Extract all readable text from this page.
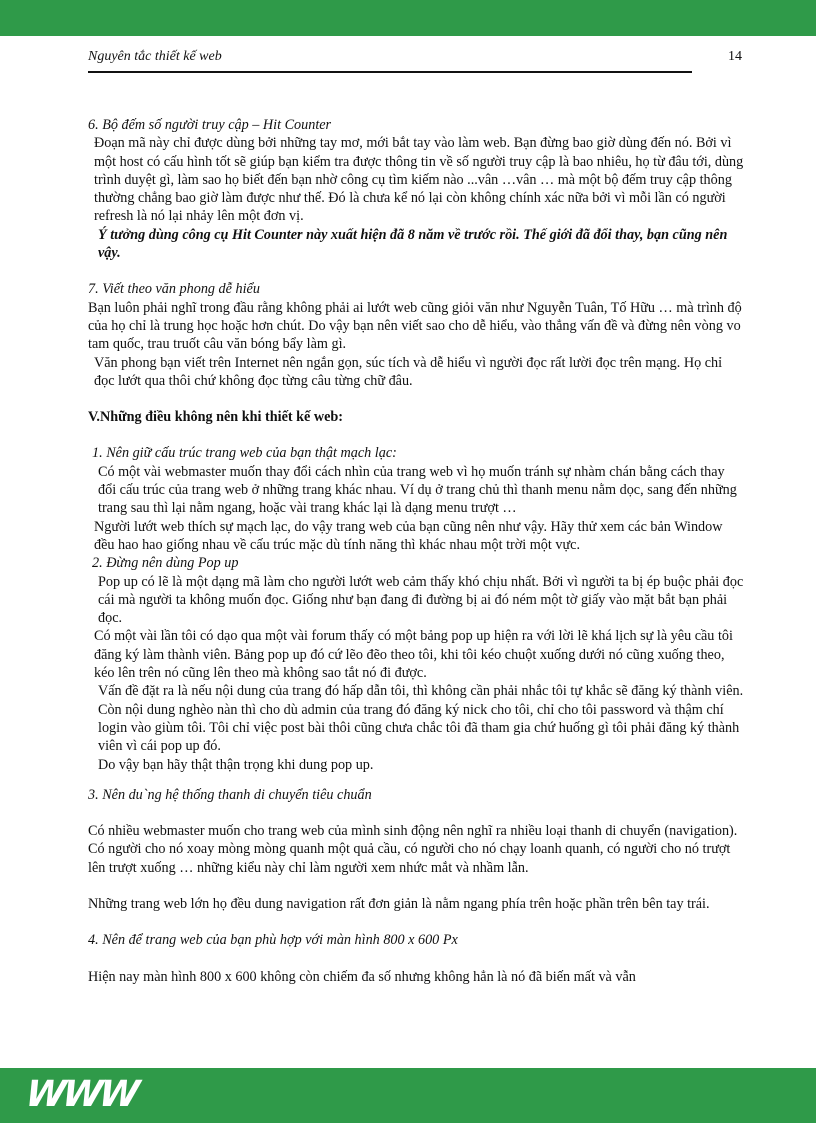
Nguyên tắc thiết kế web	14

6. Bộ đếm số người truy cập – Hit Counter

Đoạn mã này chỉ được dùng bởi những tay mơ, mới bắt tay vào làm web. Bạn đừng bao giờ dùng đến nó. Bởi vì một host có cấu hình tốt sẽ giúp bạn kiểm tra được thông tin về số người truy cập là bao nhiêu, họ từ đâu tới, dùng trình duyệt gì, làm sao họ biết đến bạn nhờ công cụ tìm kiếm nào ...vân …vân … mà một bộ đếm truy cập thông thường chẳng bao giờ làm được như thế. Đó là chưa kể nó lại còn không chính xác nữa bởi vì mỗi lần có người refresh là nó lại nhảy lên một đơn vị.

Ý tưởng dùng công cụ Hit Counter này xuất hiện đã 8 năm về trước rồi. Thế giới đã đổi thay, bạn cũng nên vậy.

7. Viết theo văn phong dễ hiểu

Bạn luôn phải nghĩ trong đầu rằng không phải ai lướt web cũng giỏi văn như Nguyễn Tuân, Tố Hữu … mà trình độ của họ chỉ là trung học hoặc hơn chút. Do vậy bạn nên viết sao cho dễ hiểu, vào thẳng vấn đề và đừng nên vòng vo tam quốc, trau truốt câu văn bóng bẩy làm gì.

Văn phong bạn viết trên Internet nên ngắn gọn, súc tích và dễ hiểu vì người đọc rất lười đọc trên mạng. Họ chỉ đọc lướt qua thôi chứ không đọc từng câu từng chữ đâu.

V.Những điều không nên khi thiết kế web:

1. Nên giữ cấu trúc trang web của bạn thật mạch lạc:

Có một vài webmaster muốn thay đổi cách nhìn của trang web vì họ muốn tránh sự nhàm chán bằng cách thay đổi cấu trúc của trang web ở những trang khác nhau. Ví dụ ở trang chủ thì thanh menu nằm dọc, sang đến những trang sau thì lại nằm ngang, hoặc vài trang khác lại là dạng menu trượt …

Người lướt web thích sự mạch lạc, do vậy trang web của bạn cũng nên như vậy. Hãy thử xem các bản Window đều hao hao giống nhau về cấu trúc mặc dù tính năng thì khác nhau một trời một vực.

2. Đừng nên dùng Pop up

Pop up có lẽ là một dạng mã làm cho người lướt web cảm thấy khó chịu nhất. Bởi vì người ta bị ép buộc phải đọc cái mà người ta không muốn đọc. Giống như bạn đang đi đường bị ai đó ném một tờ giấy vào mặt bắt bạn phải đọc.

Có một vài lần tôi có dạo qua một vài forum thấy có một bảng pop up hiện ra với lời lẽ khá lịch sự là yêu cầu tôi đăng ký làm thành viên. Bảng pop up đó cứ lẽo đẽo theo tôi, khi tôi kéo chuột xuống dưới nó cũng xuống theo, kéo lên trên nó cũng lên theo mà không sao tắt nó đi được.

Vấn đề đặt ra là nếu nội dung của trang đó hấp dẫn tôi, thì không cần phải nhắc tôi tự khắc sẽ đăng ký thành viên. Còn nội dung nghèo nàn thì cho dù admin của trang đó đăng ký nick cho tôi, chỉ cho tôi password và thậm chí login vào giùm tôi. Tôi chỉ việc post bài thôi cũng chưa chắc tôi đã tham gia chứ huống gì tôi phải đăng ký thành viên vì cái pop up đó.

Do vậy bạn hãy thật thận trọng khi dung pop up.

3. Nên du`ng hệ thống thanh di chuyển tiêu chuẩn

Có nhiều webmaster muốn cho trang web của mình sinh động nên nghĩ ra nhiều loại thanh di chuyển (navigation). Có người cho nó xoay mòng mòng quanh một quả cầu, có người cho nó chạy loanh quanh, có người cho nó trượt lên trượt xuống … những kiểu này chỉ làm người xem nhức mắt và nhầm lẫn.

Những trang web lớn họ đều dung navigation rất đơn giản là nằm ngang phía trên hoặc phần trên bên tay trái.

4. Nên để trang web của bạn phù hợp với màn hình 800 x 600 Px

Hiện nay màn hình 800 x 600 không còn chiếm đa số nhưng không hẳn là nó đã biến mất và vẫn

WWW
